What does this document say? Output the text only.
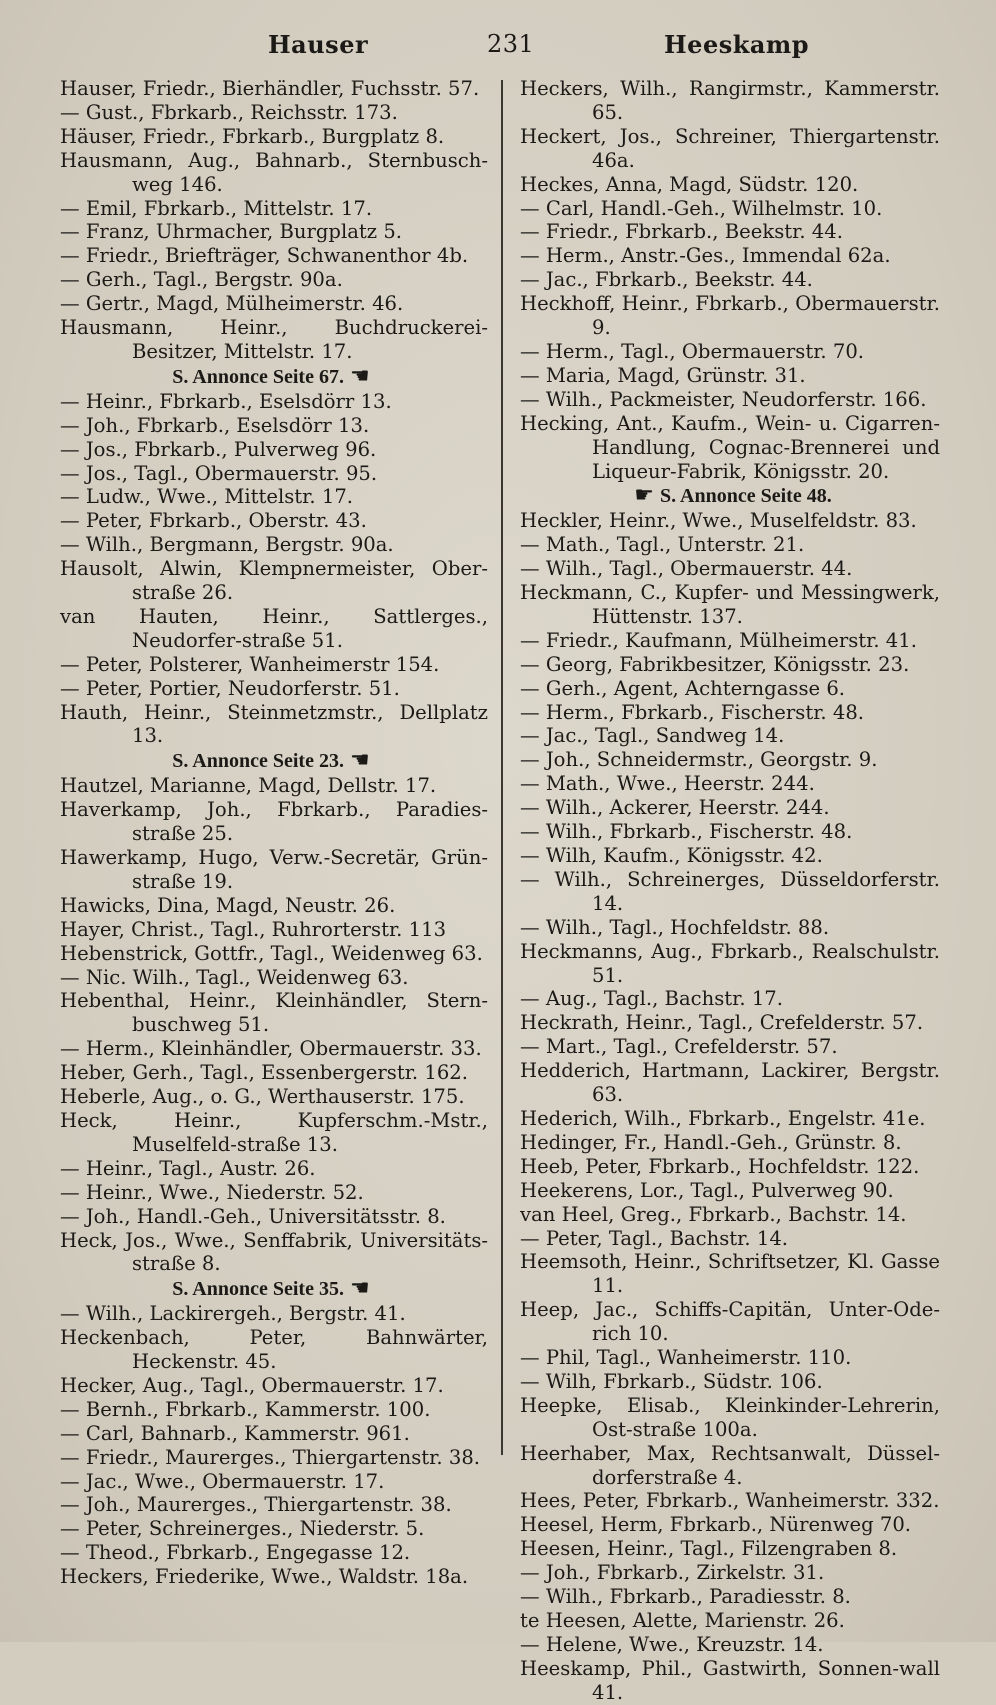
Hauser	231	Heeskamp
Hauser, Friedr., Bierhändler, Fuchsstr. 57.
— Gust., Fbrkarb., Reichsstr. 173.
Häuser, Friedr., Fbrkarb., Burgplatz 8.
Hausmann, Aug., Bahnarb., Sternbusch-weg 146.
— Emil, Fbrkarb., Mittelstr. 17.
— Franz, Uhrmacher, Burgplatz 5.
— Friedr., Briefträger, Schwanenthor 4b.
— Gerh., Tagl., Bergstr. 90a.
— Gertr., Magd, Mülheimerstr. 46.
Hausmann, Heinr., Buchdruckerei-Besitzer, Mittelstr. 17.
S. Annonce Seite 67. ☚
— Heinr., Fbrkarb., Eselsdörr 13.
— Joh., Fbrkarb., Eselsdörr 13.
— Jos., Fbrkarb., Pulverweg 96.
— Jos., Tagl., Obermauerstr. 95.
— Ludw., Wwe., Mittelstr. 17.
— Peter, Fbrkarb., Oberstr. 43.
— Wilh., Bergmann, Bergstr. 90a.
Hausolt, Alwin, Klempnermeister, Ober-straße 26.
van Hauten, Heinr., Sattlerges., Neudorfer-straße 51.
— Peter, Polsterer, Wanheimerstr 154.
— Peter, Portier, Neudorferstr. 51.
Hauth, Heinr., Steinmetzmstr., Dellplatz 13.
S. Annonce Seite 23. ☚
Hautzel, Marianne, Magd, Dellstr. 17.
Haverkamp, Joh., Fbrkarb., Paradies-straße 25.
Hawerkamp, Hugo, Verw.-Secretär, Grün-straße 19.
Hawicks, Dina, Magd, Neustr. 26.
Hayer, Christ., Tagl., Ruhrorterstr. 113
Hebenstrick, Gottfr., Tagl., Weidenweg 63.
— Nic. Wilh., Tagl., Weidenweg 63.
Hebenthal, Heinr., Kleinhändler, Stern-buschweg 51.
— Herm., Kleinhändler, Obermauerstr. 33.
Heber, Gerh., Tagl., Essenbergerstr. 162.
Heberle, Aug., o. G., Werthauserstr. 175.
Heck, Heinr., Kupferschm.-Mstr., Muselfeld-straße 13.
— Heinr., Tagl., Austr. 26.
— Heinr., Wwe., Niederstr. 52.
— Joh., Handl.-Geh., Universitätsstr. 8.
Heck, Jos., Wwe., Senffabrik, Universitäts-straße 8.
S. Annonce Seite 35. ☚
— Wilh., Lackirergeh., Bergstr. 41.
Heckenbach, Peter, Bahnwärter, Heckenstr. 45.
Hecker, Aug., Tagl., Obermauerstr. 17.
— Bernh., Fbrkarb., Kammerstr. 100.
— Carl, Bahnarb., Kammerstr. 961.
— Friedr., Maurerges., Thiergartenstr. 38.
— Jac., Wwe., Obermauerstr. 17.
— Joh., Maurerges., Thiergartenstr. 38.
— Peter, Schreinerges., Niederstr. 5.
— Theod., Fbrkarb., Engegasse 12.
Heckers, Friederike, Wwe., Waldstr. 18a.
Heckers, Wilh., Rangirmstr., Kammerstr. 65.
Heckert, Jos., Schreiner, Thiergartenstr. 46a.
Heckes, Anna, Magd, Südstr. 120.
— Carl, Handl.-Geh., Wilhelmstr. 10.
— Friedr., Fbrkarb., Beekstr. 44.
— Herm., Anstr.-Ges., Immendal 62a.
— Jac., Fbrkarb., Beekstr. 44.
Heckhoff, Heinr., Fbrkarb., Obermauerstr. 9.
— Herm., Tagl., Obermauerstr. 70.
— Maria, Magd, Grünstr. 31.
— Wilh., Packmeister, Neudorferstr. 166.
Hecking, Ant., Kaufm., Wein- u. Cigarren-Handlung, Cognac-Brennerei und Liqueur-Fabrik, Königsstr. 20.
☛ S. Annonce Seite 48.
Heckler, Heinr., Wwe., Muselfeldstr. 83.
— Math., Tagl., Unterstr. 21.
— Wilh., Tagl., Obermauerstr. 44.
Heckmann, C., Kupfer- und Messingwerk, Hüttenstr. 137.
— Friedr., Kaufmann, Mülheimerstr. 41.
— Georg, Fabrikbesitzer, Königsstr. 23.
— Gerh., Agent, Achterngasse 6.
— Herm., Fbrkarb., Fischerstr. 48.
— Jac., Tagl., Sandweg 14.
— Joh., Schneidermstr., Georgstr. 9.
— Math., Wwe., Heerstr. 244.
— Wilh., Ackerer, Heerstr. 244.
— Wilh., Fbrkarb., Fischerstr. 48.
— Wilh, Kaufm., Königsstr. 42.
— Wilh., Schreinerges, Düsseldorferstr. 14.
— Wilh., Tagl., Hochfeldstr. 88.
Heckmanns, Aug., Fbrkarb., Realschulstr. 51.
— Aug., Tagl., Bachstr. 17.
Heckrath, Heinr., Tagl., Crefelderstr. 57.
— Mart., Tagl., Crefelderstr. 57.
Hedderich, Hartmann, Lackirer, Bergstr. 63.
Hederich, Wilh., Fbrkarb., Engelstr. 41e.
Hedinger, Fr., Handl.-Geh., Grünstr. 8.
Heeb, Peter, Fbrkarb., Hochfeldstr. 122.
Heekerens, Lor., Tagl., Pulverweg 90.
van Heel, Greg., Fbrkarb., Bachstr. 14.
— Peter, Tagl., Bachstr. 14.
Heemsoth, Heinr., Schriftsetzer, Kl. Gasse 11.
Heep, Jac., Schiffs-Capitän, Unter-Ode-rich 10.
— Phil, Tagl., Wanheimerstr. 110.
— Wilh, Fbrkarb., Südstr. 106.
Heepke, Elisab., Kleinkinder-Lehrerin, Ost-straße 100a.
Heerhaber, Max, Rechtsanwalt, Düssel-dorferstraße 4.
Hees, Peter, Fbrkarb., Wanheimerstr. 332.
Heesel, Herm, Fbrkarb., Nürenweg 70.
Heesen, Heinr., Tagl., Filzengraben 8.
— Joh., Fbrkarb., Zirkelstr. 31.
— Wilh., Fbrkarb., Paradiesstr. 8.
te Heesen, Alette, Marienstr. 26.
— Helene, Wwe., Kreuzstr. 14.
Heeskamp, Phil., Gastwirth, Sonnen-wall 41.
